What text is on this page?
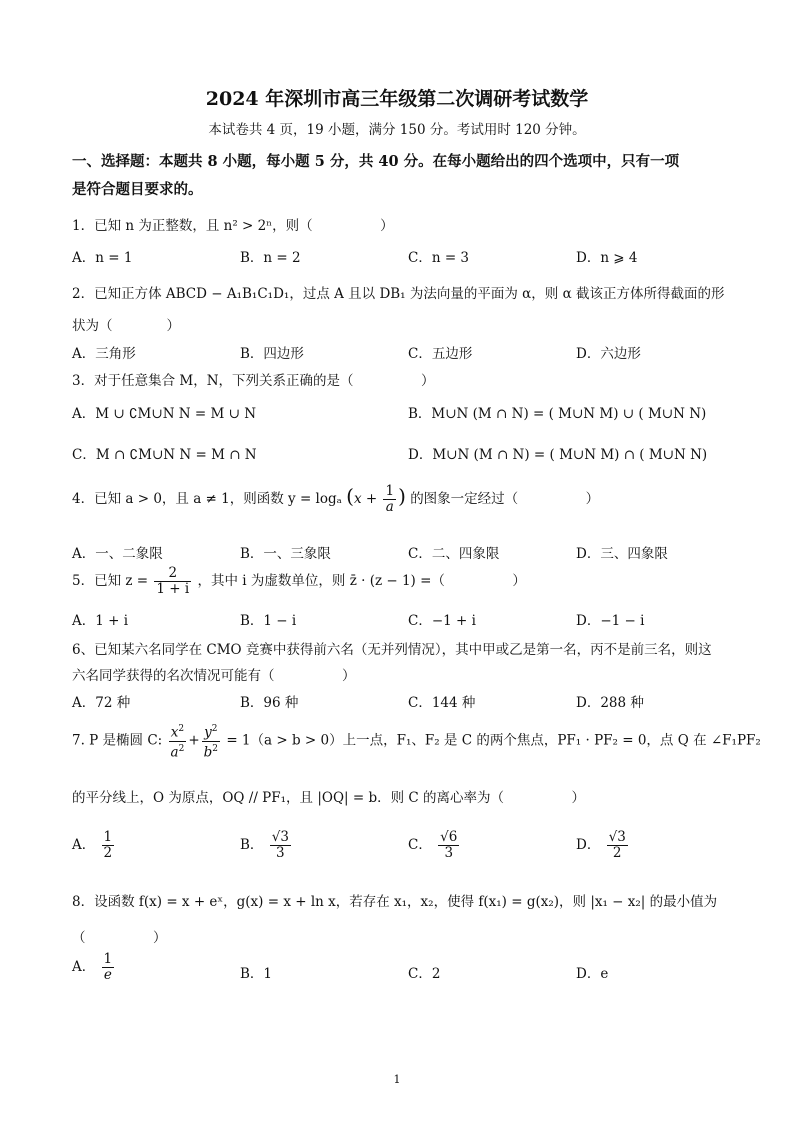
2024 年深圳市高三年级第二次调研考试数学
本试卷共 4 页，19 小题，满分 150 分。考试用时 120 分钟。
一、选择题：本题共 8 小题，每小题 5 分，共 40 分。在每小题给出的四个选项中，只有一项
是符合题目要求的。
1．已知 n 为正整数，且 n² > 2ⁿ，则（　　　　　）
A．n = 1	B．n = 2	C．n = 3	D．n ⩾ 4
2．已知正方体 ABCD − A₁B₁C₁D₁，过点 A 且以 DB₁ 为法向量的平面为 α，则 α 截该正方体所得截面的形
状为（　　　　）
A．三角形	B．四边形	C．五边形	D．六边形
3．对于任意集合 M，N，下列关系正确的是（　　　　　）
A．M ∪ ∁M∪N N = M ∪ N	B．M∪N (M ∩ N) = ( M∪N M) ∪ ( M∪N N)
C．M ∩ ∁M∪N N = M ∩ N	D．M∪N (M ∩ N) = ( M∪N M) ∩ ( M∪N N)
4．已知 a > 0，且 a ≠ 1，则函数 y = logₐ ($x + \frac{1}{a}$ ) 的图象一定经过（　　　　　）
A．一、二象限	B．一、三象限	C．二、四象限	D．三、四象限
5．已知 $z = \frac{2}{1 + i}$ ，其中 i 为虚数单位，则 z̄ · (z − 1) =（　　　　　）
A．1 + i	B．1 − i	C．−1 + i	D．−1 − i
6、已知某六名同学在 CMO 竞赛中获得前六名（无并列情况），其中甲或乙是第一名，丙不是前三名，则这
六名同学获得的名次情况可能有（　　　　　）
A．72 种	B．96 种	C．144 种	D．288 种
7. P 是椭圆 C: $\frac{x^2}{a^2} + \frac{y^2}{b^2} = 1(a > b > 0)$上一点，F₁、F₂ 是 C 的两个焦点，PF₁ · PF₂ = 0，点 Q 在 ∠F₁PF₂
的平分线上，O 为原点，OQ // PF₁，且 |OQ| = b．则 C 的离心率为（　　　　　）
A． $\frac{1}{2}$	B． $\frac{√3}{3}$	C． $\frac{√6}{3}$	D． $\frac{√3}{2}$
8．设函数 f(x) = x + eˣ，g(x) = x + ln x，若存在 x₁，x₂，使得 f(x₁) = g(x₂)，则 |x₁ − x₂| 的最小值为
（　　　　　）
A． $\frac{1}{e}$	B．1	C．2	D．e
1
